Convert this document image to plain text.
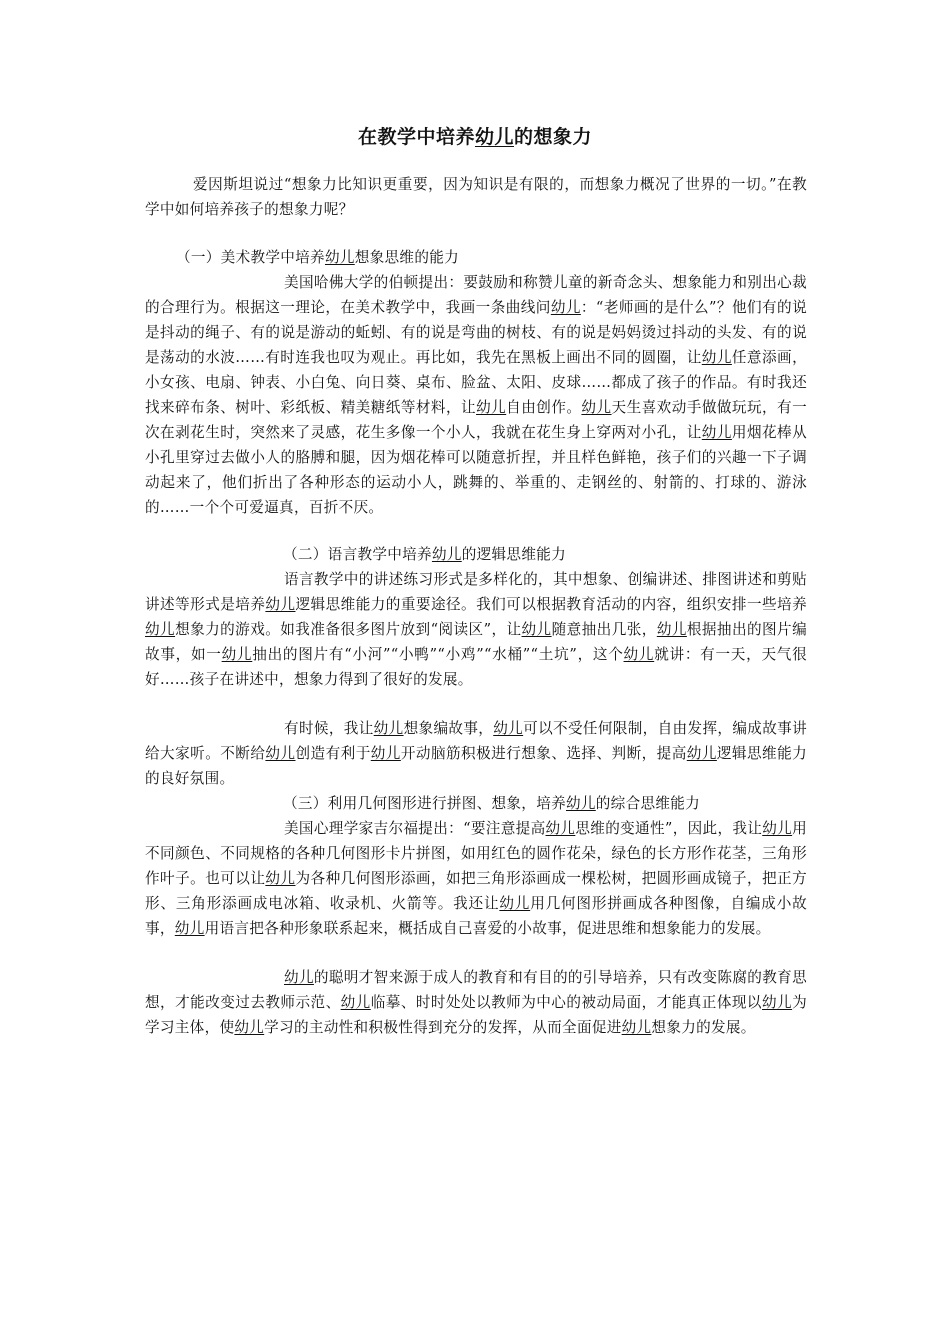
在教学中培养幼儿的想象力

爱因斯坦说过“想象力比知识更重要，因为知识是有限的，而想象力概况了世界的一切。”在教学中如何培养孩子的想象力呢？

（一）美术教学中培养幼儿想象思维的能力

美国哈佛大学的伯顿提出：要鼓励和称赞儿童的新奇念头、想象能力和别出心裁的合理行为。根据这一理论，在美术教学中，我画一条曲线问幼儿：“老师画的是什么”？他们有的说是抖动的绳子、有的说是游动的蚯蚓、有的说是弯曲的树枝、有的说是妈妈烫过抖动的头发、有的说是荡动的水波……有时连我也叹为观止。再比如，我先在黑板上画出不同的圆圈，让幼儿任意添画，小女孩、电扇、钟表、小白兔、向日葵、桌布、脸盆、太阳、皮球……都成了孩子的作品。有时我还找来碎布条、树叶、彩纸板、精美糖纸等材料，让幼儿自由创作。幼儿天生喜欢动手做做玩玩，有一次在剥花生时，突然来了灵感，花生多像一个小人，我就在花生身上穿两对小孔，让幼儿用烟花棒从小孔里穿过去做小人的胳膊和腿，因为烟花棒可以随意折捏，并且样色鲜艳，孩子们的兴趣一下子调动起来了，他们折出了各种形态的运动小人，跳舞的、举重的、走钢丝的、射箭的、打球的、游泳的……一个个可爱逼真，百折不厌。

（二）语言教学中培养幼儿的逻辑思维能力

语言教学中的讲述练习形式是多样化的，其中想象、创编讲述、排图讲述和剪贴讲述等形式是培养幼儿逻辑思维能力的重要途径。我们可以根据教育活动的内容，组织安排一些培养幼儿想象力的游戏。如我准备很多图片放到“阅读区”，让幼儿随意抽出几张，幼儿根据抽出的图片编故事，如一幼儿抽出的图片有“小河”“小鸭”“小鸡”“水桶”“土坑”，这个幼儿就讲：有一天，天气很好……孩子在讲述中，想象力得到了很好的发展。

有时候，我让幼儿想象编故事，幼儿可以不受任何限制，自由发挥，编成故事讲给大家听。不断给幼儿创造有利于幼儿开动脑筋积极进行想象、选择、判断，提高幼儿逻辑思维能力的良好氛围。

（三）利用几何图形进行拼图、想象，培养幼儿的综合思维能力

美国心理学家吉尔福提出：“要注意提高幼儿思维的变通性”，因此，我让幼儿用不同颜色、不同规格的各种几何图形卡片拼图，如用红色的圆作花朵，绿色的长方形作花茎，三角形作叶子。也可以让幼儿为各种几何图形添画，如把三角形添画成一棵松树，把圆形画成镜子，把正方形、三角形添画成电冰箱、收录机、火箭等。我还让幼儿用几何图形拼画成各种图像，自编成小故事，幼儿用语言把各种形象联系起来，概括成自己喜爱的小故事，促进思维和想象能力的发展。

幼儿的聪明才智来源于成人的教育和有目的的引导培养，只有改变陈腐的教育思想，才能改变过去教师示范、幼儿临摹、时时处处以教师为中心的被动局面，才能真正体现以幼儿为学习主体，使幼儿学习的主动性和积极性得到充分的发挥，从而全面促进幼儿想象力的发展。
